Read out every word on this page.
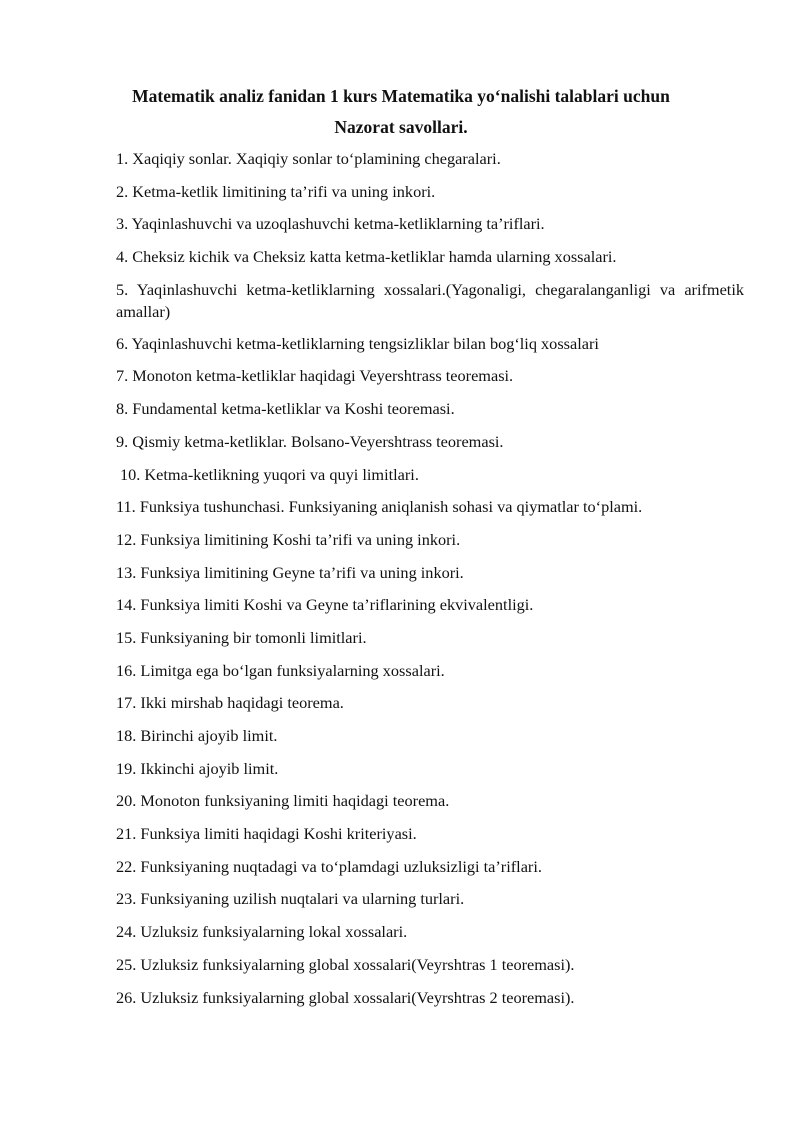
Matematik analiz fanidan 1 kurs Matematika yo‘nalishi talablari uchun

Nazorat savollari.

1. Xaqiqiy sonlar. Xaqiqiy sonlar to‘plamining chegaralari.
2. Ketma-ketlik limitining ta’rifi va uning inkori.
3. Yaqinlashuvchi va uzoqlashuvchi ketma-ketliklarning ta’riflari.
4. Cheksiz kichik va Cheksiz katta ketma-ketliklar hamda ularning xossalari.
5. Yaqinlashuvchi ketma-ketliklarning xossalari.(Yagonaligi, chegaralanganligi va arifmetik amallar)
6. Yaqinlashuvchi ketma-ketliklarning tengsizliklar bilan bog‘liq xossalari
7. Monoton ketma-ketliklar haqidagi Veyershtrass teoremasi.
8. Fundamental ketma-ketliklar va Koshi teoremasi.
9. Qismiy ketma-ketliklar. Bolsano-Veyershtrass teoremasi.
10. Ketma-ketlikning yuqori va quyi limitlari.
11. Funksiya tushunchasi. Funksiyaning aniqlanish sohasi va qiymatlar to‘plami.
12. Funksiya limitining Koshi ta’rifi va uning inkori.
13. Funksiya limitining Geyne ta’rifi va uning inkori.
14. Funksiya limiti Koshi va Geyne ta’riflarining ekvivalentligi.
15. Funksiyaning bir tomonli limitlari.
16. Limitga ega bo‘lgan funksiyalarning xossalari.
17. Ikki mirshab haqidagi teorema.
18. Birinchi ajoyib limit.
19. Ikkinchi ajoyib limit.
20. Monoton funksiyaning limiti haqidagi teorema.
21. Funksiya limiti haqidagi Koshi kriteriyasi.
22. Funksiyaning nuqtadagi va to‘plamdagi uzluksizligi ta’riflari.
23. Funksiyaning uzilish nuqtalari va ularning turlari.
24. Uzluksiz funksiyalarning lokal xossalari.
25. Uzluksiz funksiyalarning global xossalari(Veyrshtras 1 teoremasi).
26. Uzluksiz funksiyalarning global xossalari(Veyrshtras 2 teoremasi).
